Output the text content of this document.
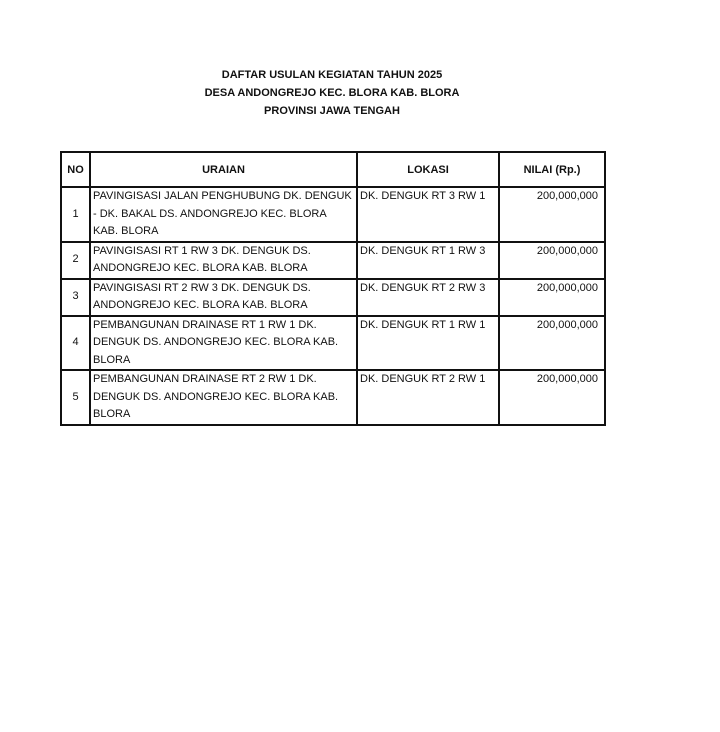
DAFTAR USULAN KEGIATAN TAHUN 2025
DESA ANDONGREJO KEC. BLORA KAB. BLORA
PROVINSI JAWA TENGAH
NO	URAIAN	LOKASI	NILAI (Rp.)
1	PAVINGISASI JALAN PENGHUBUNG DK. DENGUK - DK. BAKAL DS. ANDONGREJO KEC. BLORA KAB. BLORA	DK. DENGUK RT 3 RW 1	200,000,000
2	PAVINGISASI RT 1 RW 3 DK. DENGUK DS. ANDONGREJO KEC. BLORA KAB. BLORA	DK. DENGUK RT 1 RW 3	200,000,000
3	PAVINGISASI RT 2 RW 3 DK. DENGUK DS. ANDONGREJO KEC. BLORA KAB. BLORA	DK. DENGUK RT 2 RW 3	200,000,000
4	PEMBANGUNAN DRAINASE RT 1 RW 1 DK. DENGUK DS. ANDONGREJO KEC. BLORA KAB. BLORA	DK. DENGUK RT 1 RW 1	200,000,000
5	PEMBANGUNAN DRAINASE RT 2 RW 1 DK. DENGUK DS. ANDONGREJO KEC. BLORA KAB. BLORA	DK. DENGUK RT 2 RW 1	200,000,000
